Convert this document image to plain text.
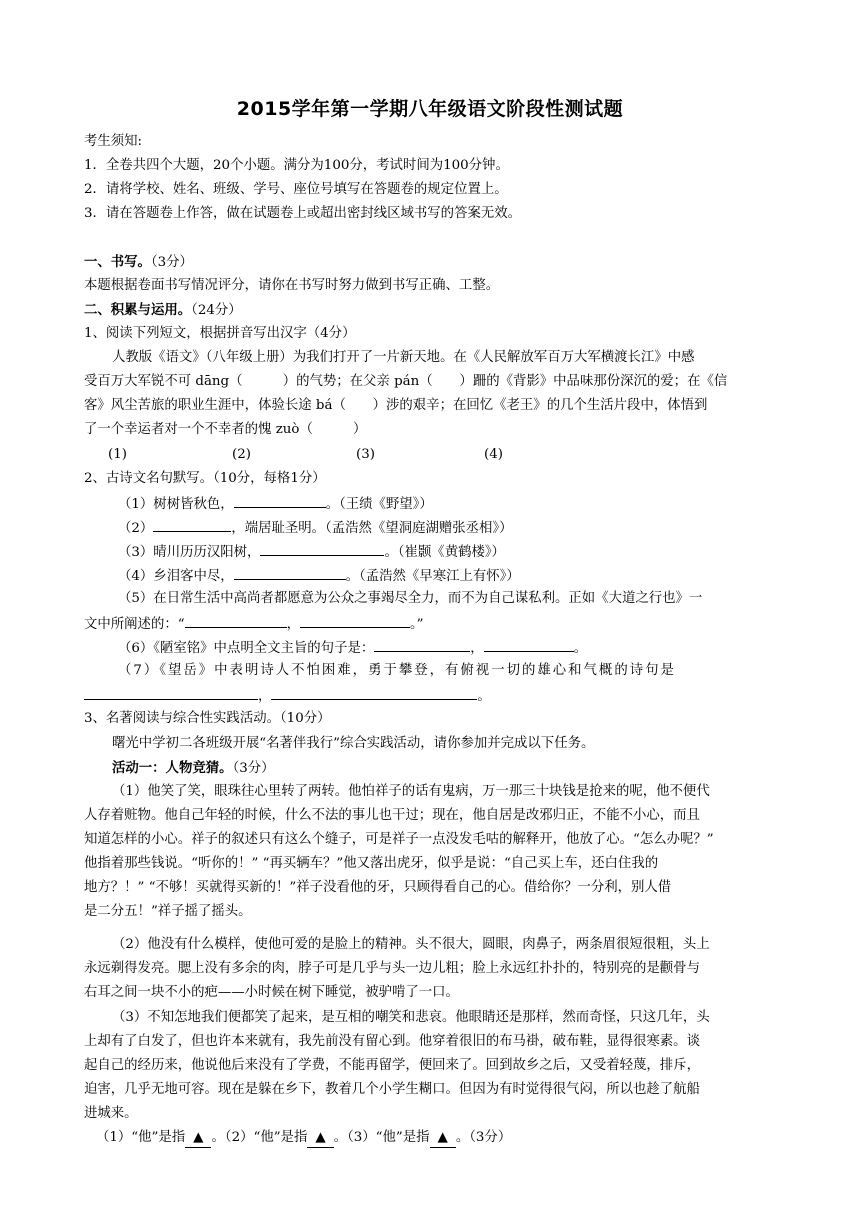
2015学年第一学期八年级语文阶段性测试题
考生须知:
1．全卷共四个大题，20个小题。满分为100分，考试时间为100分钟。
2．请将学校、姓名、班级、学号、座位号填写在答题卷的规定位置上。
3．请在答题卷上作答，做在试题卷上或超出密封线区域书写的答案无效。
一、书写。（3分）
本题根据卷面书写情况评分，请你在书写时努力做到书写正确、工整。
二、积累与运用。（24分）
1、阅读下列短文，根据拼音写出汉字（4分）
人教版《语文》（八年级上册）为我们打开了一片新天地。在《人民解放军百万大军横渡长江》中感
受百万大军锐不可 dāng（　　　）的气势；在父亲 pán（　　）跚的《背影》中品味那份深沉的爱；在《信
客》风尘苦旅的职业生涯中，体验长途 bá（　　）涉的艰辛；在回忆《老王》的几个生活片段中，体悟到
了一个幸运者对一个不幸者的愧 zuò（　　　）
(1)	(2)	(3)	(4)
2、古诗文名句默写。（10分，每格1分）
（1）树树皆秋色，	。（王绩《野望》）
（2）	，端居耻圣明。（孟浩然《望洞庭湖赠张丞相》）
（3）晴川历历汉阳树，	。（崔颢《黄鹤楼》）
（4）乡泪客中尽，	。（孟浩然《早寒江上有怀》）
（5）在日常生活中高尚者都愿意为公众之事竭尽全力，而不为自己谋私利。正如《大道之行也》一
文中所阐述的：“	，	。”
（6）《陋室铭》中点明全文主旨的句子是：	，	。
（7）《望岳》中表明诗人不怕困难，勇于攀登，有俯视一切的雄心和气概的诗句是
，	。
3、名著阅读与综合性实践活动。（10分）
曙光中学初二各班级开展“名著伴我行”综合实践活动，请你参加并完成以下任务。
活动一：人物竞猜。（3分）
（1）他笑了笑，眼珠往心里转了两转。他怕祥子的话有鬼病，万一那三十块钱是抢来的呢，他不便代
人存着赃物。他自己年轻的时候，什么不法的事儿也干过；现在，他自居是改邪归正，不能不小心，而且
知道怎样的小心。祥子的叙述只有这么个缝子，可是祥子一点没发毛咕的解释开，他放了心。“怎么办呢？”
他指着那些钱说。“听你的！” “再买辆车？”他又落出虎牙，似乎是说：“自己买上车，还白住我的
地方？！” “不够！买就得买新的！”祥子没看他的牙，只顾得看自己的心。借给你？一分利，别人借
是二分五！”祥子摇了摇头。
（2）他没有什么模样，使他可爱的是脸上的精神。头不很大，圆眼，肉鼻子，两条眉很短很粗，头上
永远剃得发亮。腮上没有多余的肉，脖子可是几乎与头一边儿粗；脸上永远红扑扑的，特别亮的是颧骨与
右耳之间一块不小的疤——小时候在树下睡觉，被驴啃了一口。
（3）不知怎地我们便都笑了起来，是互相的嘲笑和悲哀。他眼睛还是那样，然而奇怪，只这几年，头
上却有了白发了，但也许本来就有，我先前没有留心到。他穿着很旧的布马褂，破布鞋，显得很寒素。谈
起自己的经历来，他说他后来没有了学费，不能再留学，便回来了。回到故乡之后，又受着轻蔑，排斥，
迫害，几乎无地可容。现在是躲在乡下，教着几个小学生糊口。但因为有时觉得很气闷，所以也趁了航船
进城来。
（1）“他”是指 ▲ 。（2）“他”是指 ▲ 。（3）“他”是指 ▲ 。（3分）
